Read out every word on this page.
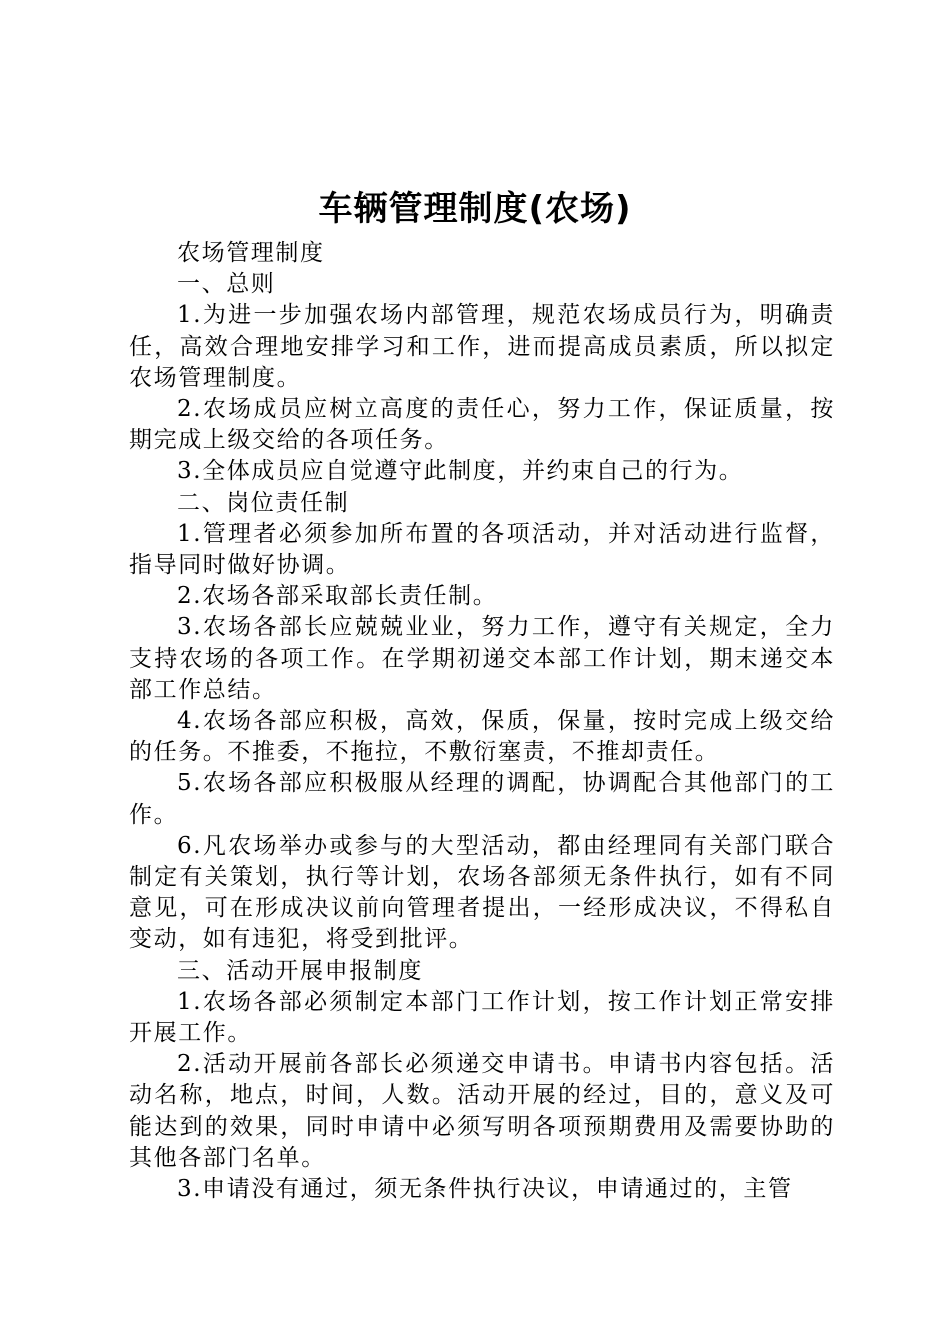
车辆管理制度(农场)

农场管理制度

一、总则

1.为进一步加强农场内部管理，规范农场成员行为，明确责任，高效合理地安排学习和工作，进而提高成员素质，所以拟定农场管理制度。

2.农场成员应树立高度的责任心，努力工作，保证质量，按期完成上级交给的各项任务。

3.全体成员应自觉遵守此制度，并约束自己的行为。

二、岗位责任制

1.管理者必须参加所布置的各项活动，并对活动进行监督，指导同时做好协调。

2.农场各部采取部长责任制。

3.农场各部长应兢兢业业，努力工作，遵守有关规定，全力支持农场的各项工作。在学期初递交本部工作计划，期末递交本部工作总结。

4.农场各部应积极，高效，保质，保量，按时完成上级交给的任务。不推委，不拖拉，不敷衍塞责，不推却责任。

5.农场各部应积极服从经理的调配，协调配合其他部门的工作。

6.凡农场举办或参与的大型活动，都由经理同有关部门联合制定有关策划，执行等计划，农场各部须无条件执行，如有不同意见，可在形成决议前向管理者提出，一经形成决议，不得私自变动，如有违犯，将受到批评。

三、活动开展申报制度

1.农场各部必须制定本部门工作计划，按工作计划正常安排开展工作。

2.活动开展前各部长必须递交申请书。申请书内容包括。活动名称，地点，时间，人数。活动开展的经过，目的，意义及可能达到的效果，同时申请中必须写明各项预期费用及需要协助的其他各部门名单。

3.申请没有通过，须无条件执行决议，申请通过的，主管
